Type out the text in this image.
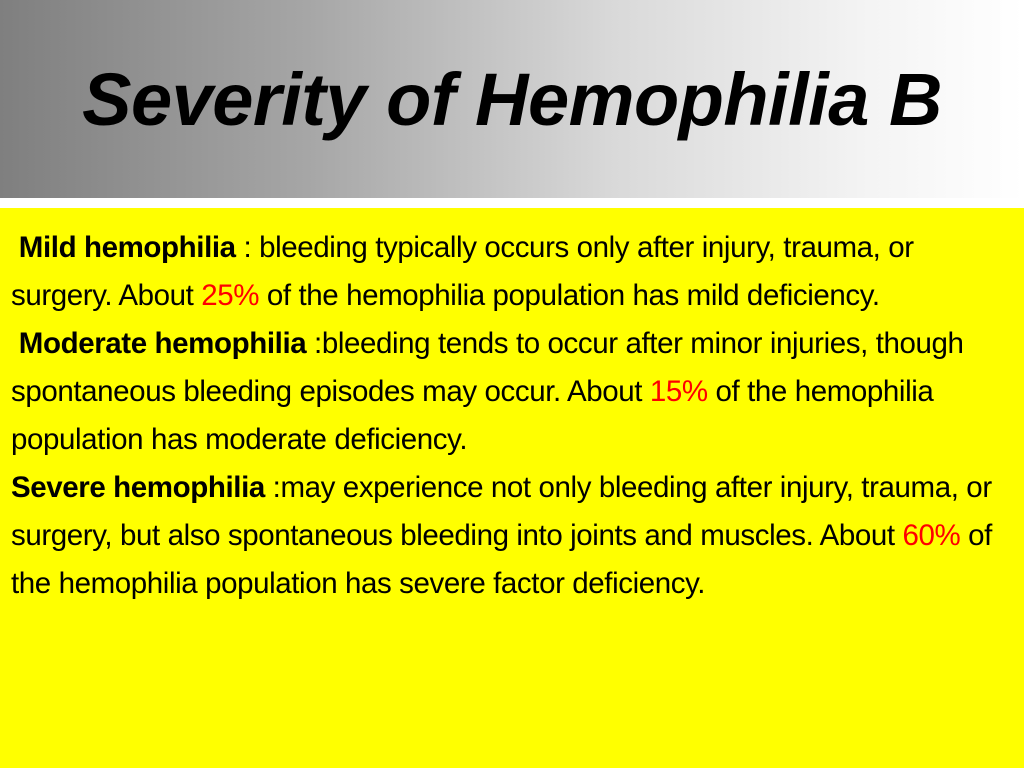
Severity of Hemophilia B

Mild hemophilia : bleeding typically occurs only after injury, trauma, or surgery. About 25% of the hemophilia population has mild deficiency.

Moderate hemophilia :bleeding tends to occur after minor injuries, though spontaneous bleeding episodes may occur. About 15% of the hemophilia population has moderate deficiency.

Severe hemophilia :may experience not only bleeding after injury, trauma, or surgery, but also spontaneous bleeding into joints and muscles. About 60% of the hemophilia population has severe factor deficiency.
